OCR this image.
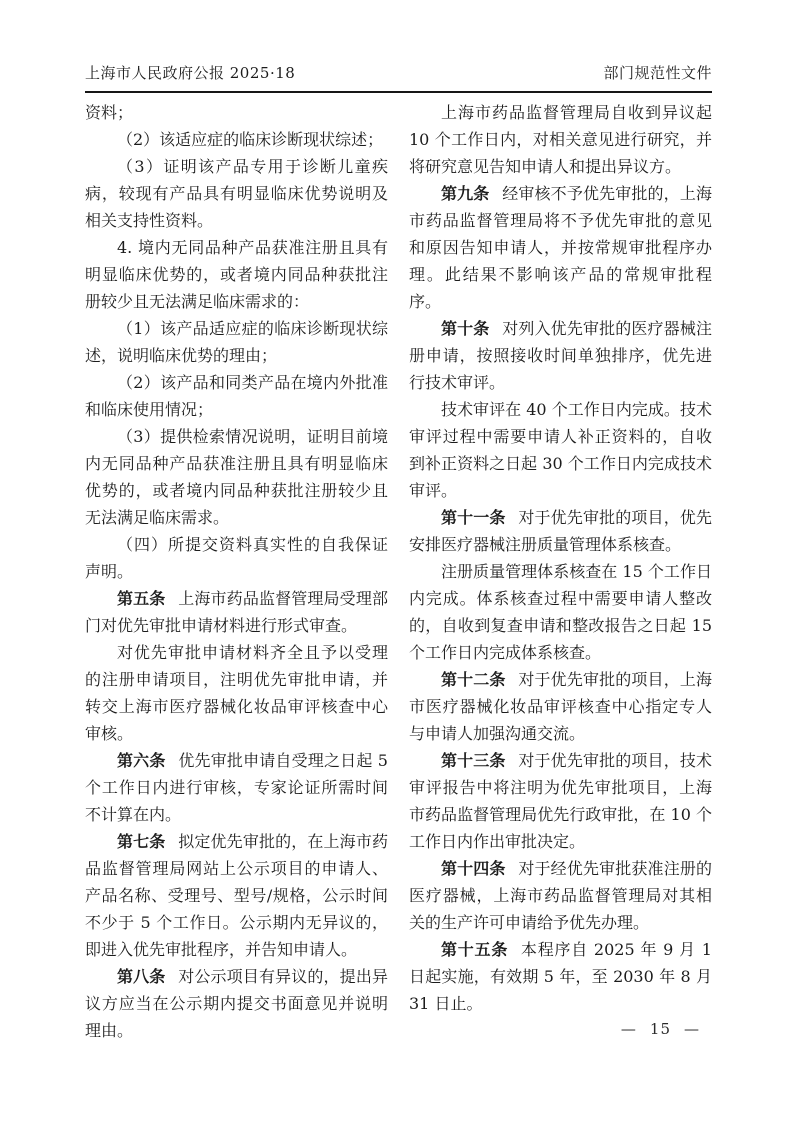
上海市人民政府公报 2025·18	部门规范性文件

资料；

（2）该适应症的临床诊断现状综述；

（3）证明该产品专用于诊断儿童疾病，较现有产品具有明显临床优势说明及相关支持性资料。

4. 境内无同品种产品获准注册且具有明显临床优势的，或者境内同品种获批注册较少且无法满足临床需求的：

（1）该产品适应症的临床诊断现状综述，说明临床优势的理由；

（2）该产品和同类产品在境内外批准和临床使用情况；

（3）提供检索情况说明，证明目前境内无同品种产品获准注册且具有明显临床优势的，或者境内同品种获批注册较少且无法满足临床需求。

（四）所提交资料真实性的自我保证声明。

第五条 上海市药品监督管理局受理部门对优先审批申请材料进行形式审查。

对优先审批申请材料齐全且予以受理的注册申请项目，注明优先审批申请，并转交上海市医疗器械化妆品审评核查中心审核。

第六条 优先审批申请自受理之日起 5 个工作日内进行审核，专家论证所需时间不计算在内。

第七条 拟定优先审批的，在上海市药品监督管理局网站上公示项目的申请人、产品名称、受理号、型号/规格，公示时间不少于 5 个工作日。公示期内无异议的，即进入优先审批程序，并告知申请人。

第八条 对公示项目有异议的，提出异议方应当在公示期内提交书面意见并说明理由。

上海市药品监督管理局自收到异议起 10 个工作日内，对相关意见进行研究，并将研究意见告知申请人和提出异议方。

第九条 经审核不予优先审批的，上海市药品监督管理局将不予优先审批的意见和原因告知申请人，并按常规审批程序办理。此结果不影响该产品的常规审批程序。

第十条 对列入优先审批的医疗器械注册申请，按照接收时间单独排序，优先进行技术审评。

技术审评在 40 个工作日内完成。技术审评过程中需要申请人补正资料的，自收到补正资料之日起 30 个工作日内完成技术审评。

第十一条 对于优先审批的项目，优先安排医疗器械注册质量管理体系核查。

注册质量管理体系核查在 15 个工作日内完成。体系核查过程中需要申请人整改的，自收到复查申请和整改报告之日起 15 个工作日内完成体系核查。

第十二条 对于优先审批的项目，上海市医疗器械化妆品审评核查中心指定专人与申请人加强沟通交流。

第十三条 对于优先审批的项目，技术审评报告中将注明为优先审批项目，上海市药品监督管理局优先行政审批，在 10 个工作日内作出审批决定。

第十四条 对于经优先审批获准注册的医疗器械，上海市药品监督管理局对其相关的生产许可申请给予优先办理。

第十五条 本程序自 2025 年 9 月 1 日起实施，有效期 5 年，至 2030 年 8 月 31 日止。

— 15 —
